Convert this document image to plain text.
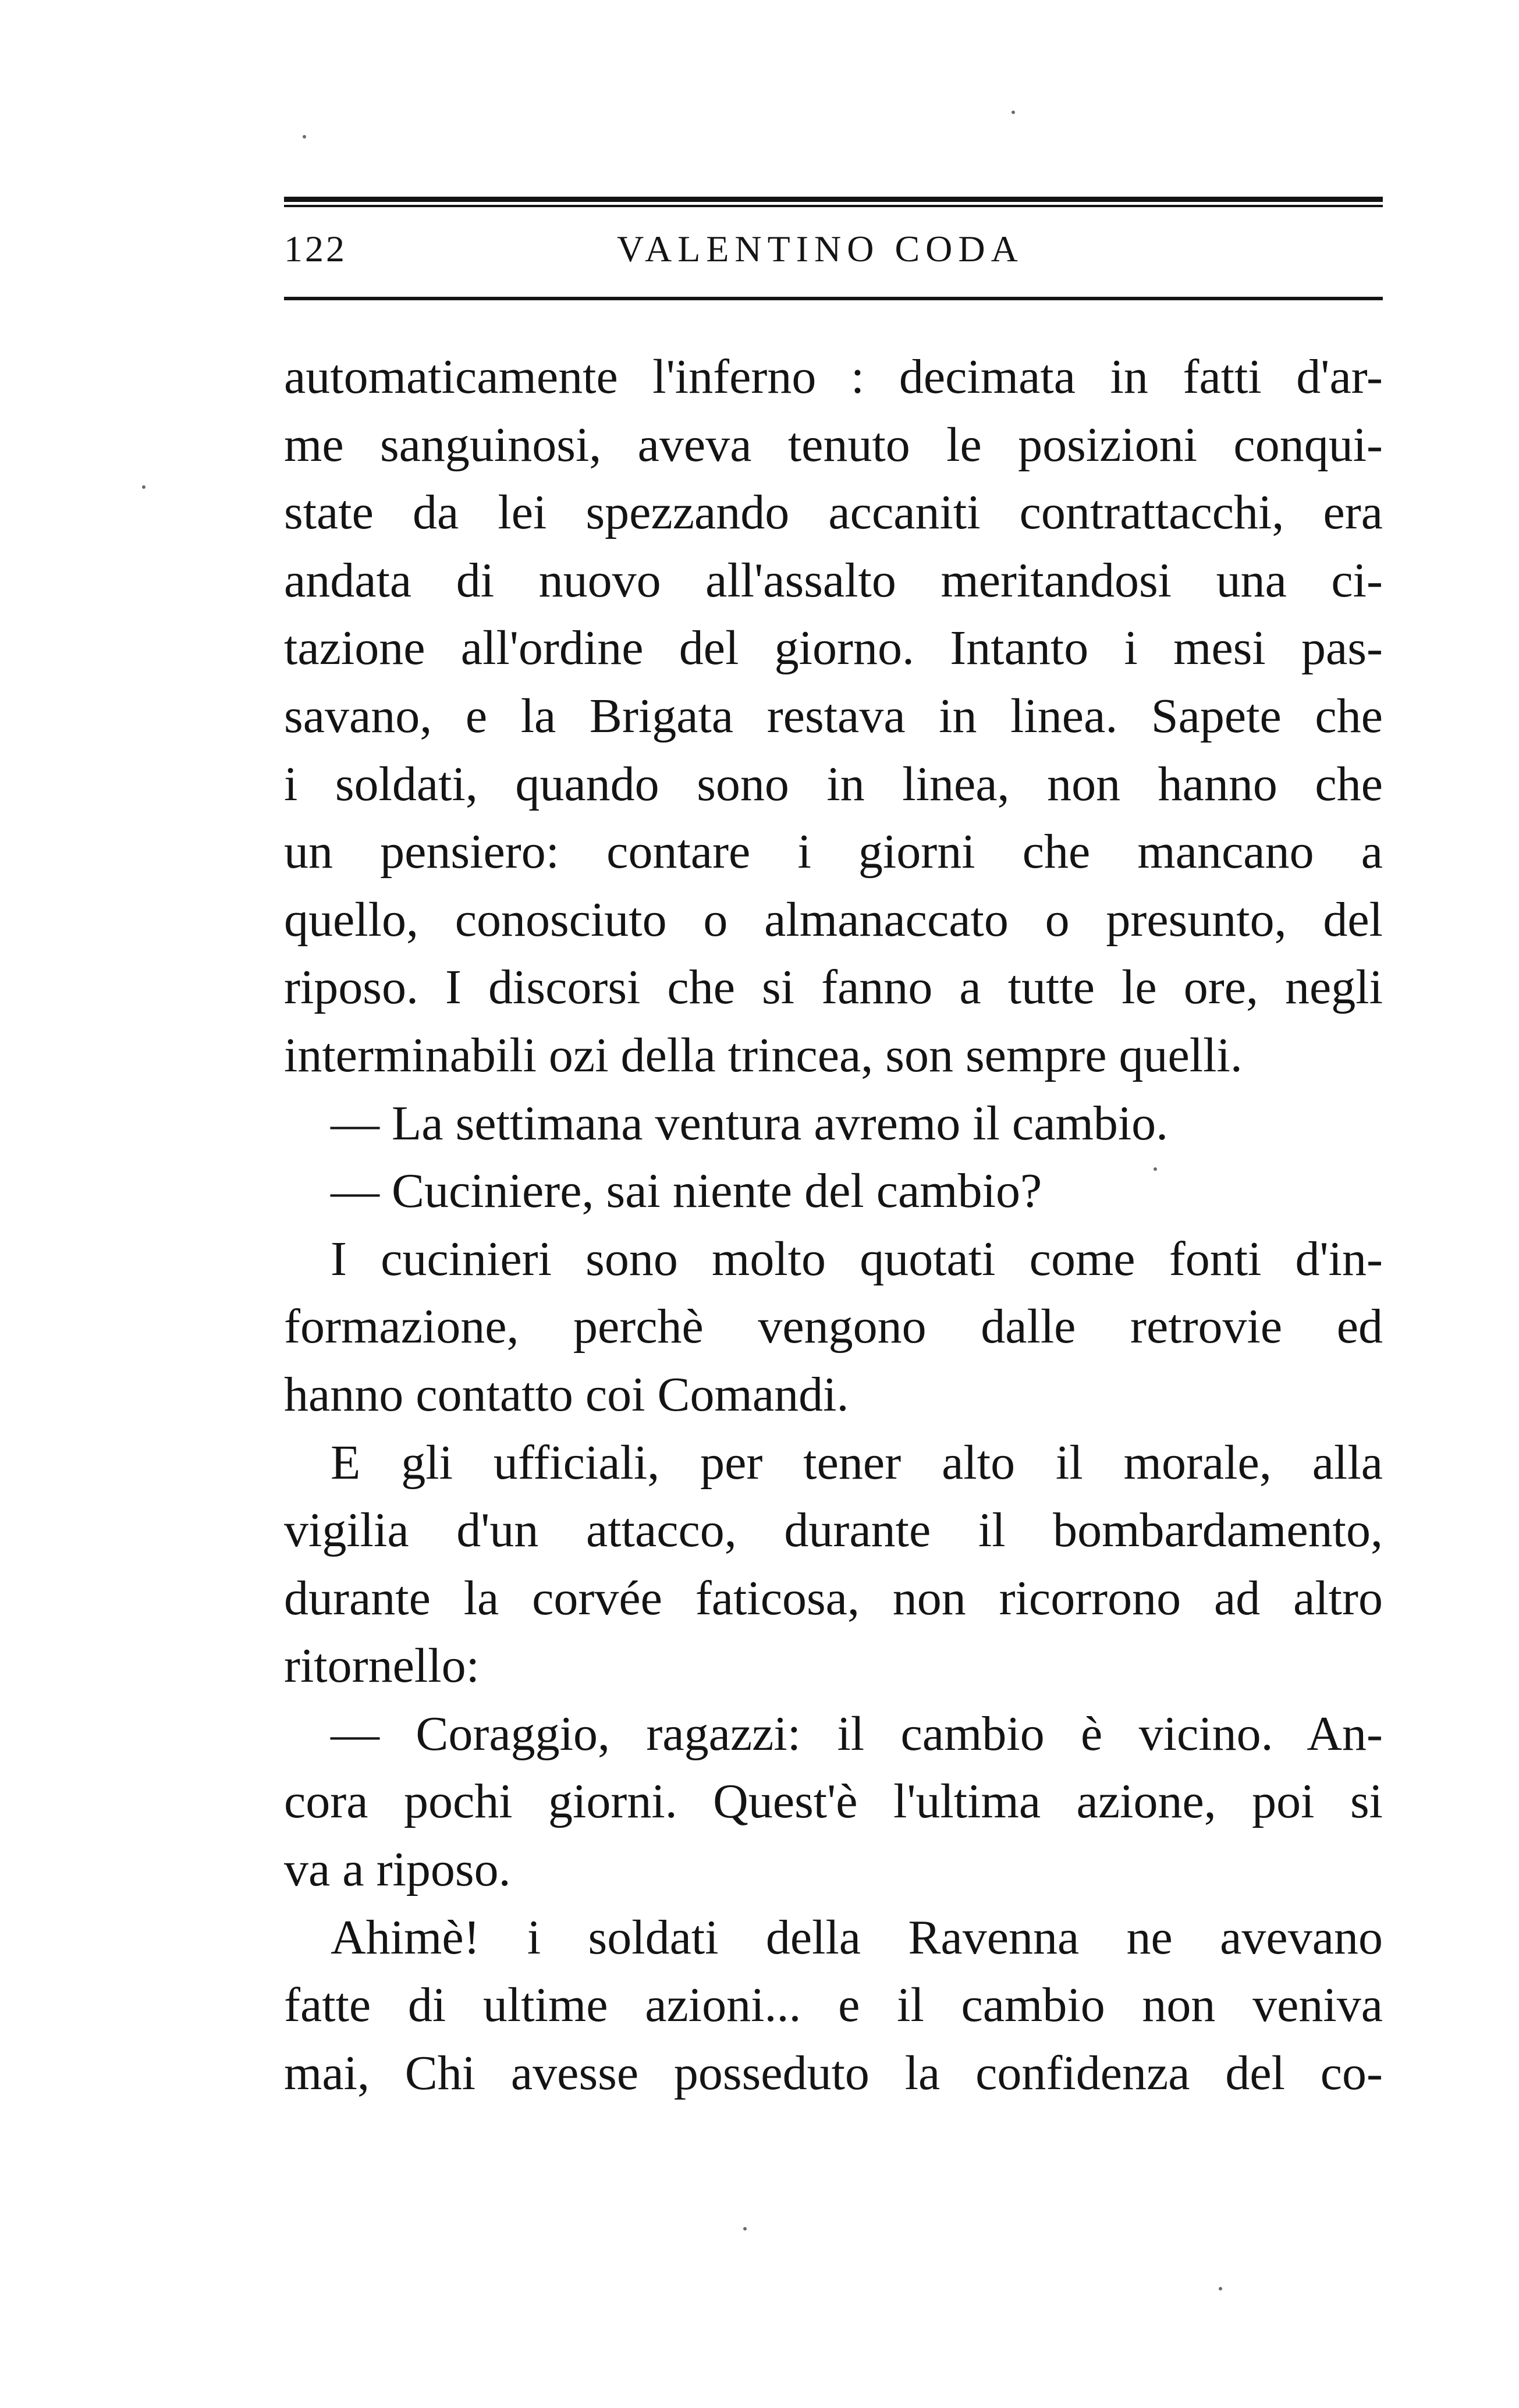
122	VALENTINO CODA
automaticamente l'inferno : decimata in fatti d'ar-
me sanguinosi, aveva tenuto le posizioni conqui-
state da lei spezzando accaniti contrattacchi, era
andata di nuovo all'assalto meritandosi una ci-
tazione all'ordine del giorno. Intanto i mesi pas-
savano, e la Brigata restava in linea. Sapete che
i soldati, quando sono in linea, non hanno che
un pensiero: contare i giorni che mancano a
quello, conosciuto o almanaccato o presunto, del
riposo. I discorsi che si fanno a tutte le ore, negli
interminabili ozi della trincea, son sempre quelli.
— La settimana ventura avremo il cambio.
— Cuciniere, sai niente del cambio?
I cucinieri sono molto quotati come fonti d'in-
formazione, perchè vengono dalle retrovie ed
hanno contatto coi Comandi.
E gli ufficiali, per tener alto il morale, alla
vigilia d'un attacco, durante il bombardamento,
durante la corvée faticosa, non ricorrono ad altro
ritornello:
— Coraggio, ragazzi: il cambio è vicino. An-
cora pochi giorni. Quest'è l'ultima azione, poi si
va a riposo.
Ahimè! i soldati della Ravenna ne avevano
fatte di ultime azioni... e il cambio non veniva
mai, Chi avesse posseduto la confidenza del co-
